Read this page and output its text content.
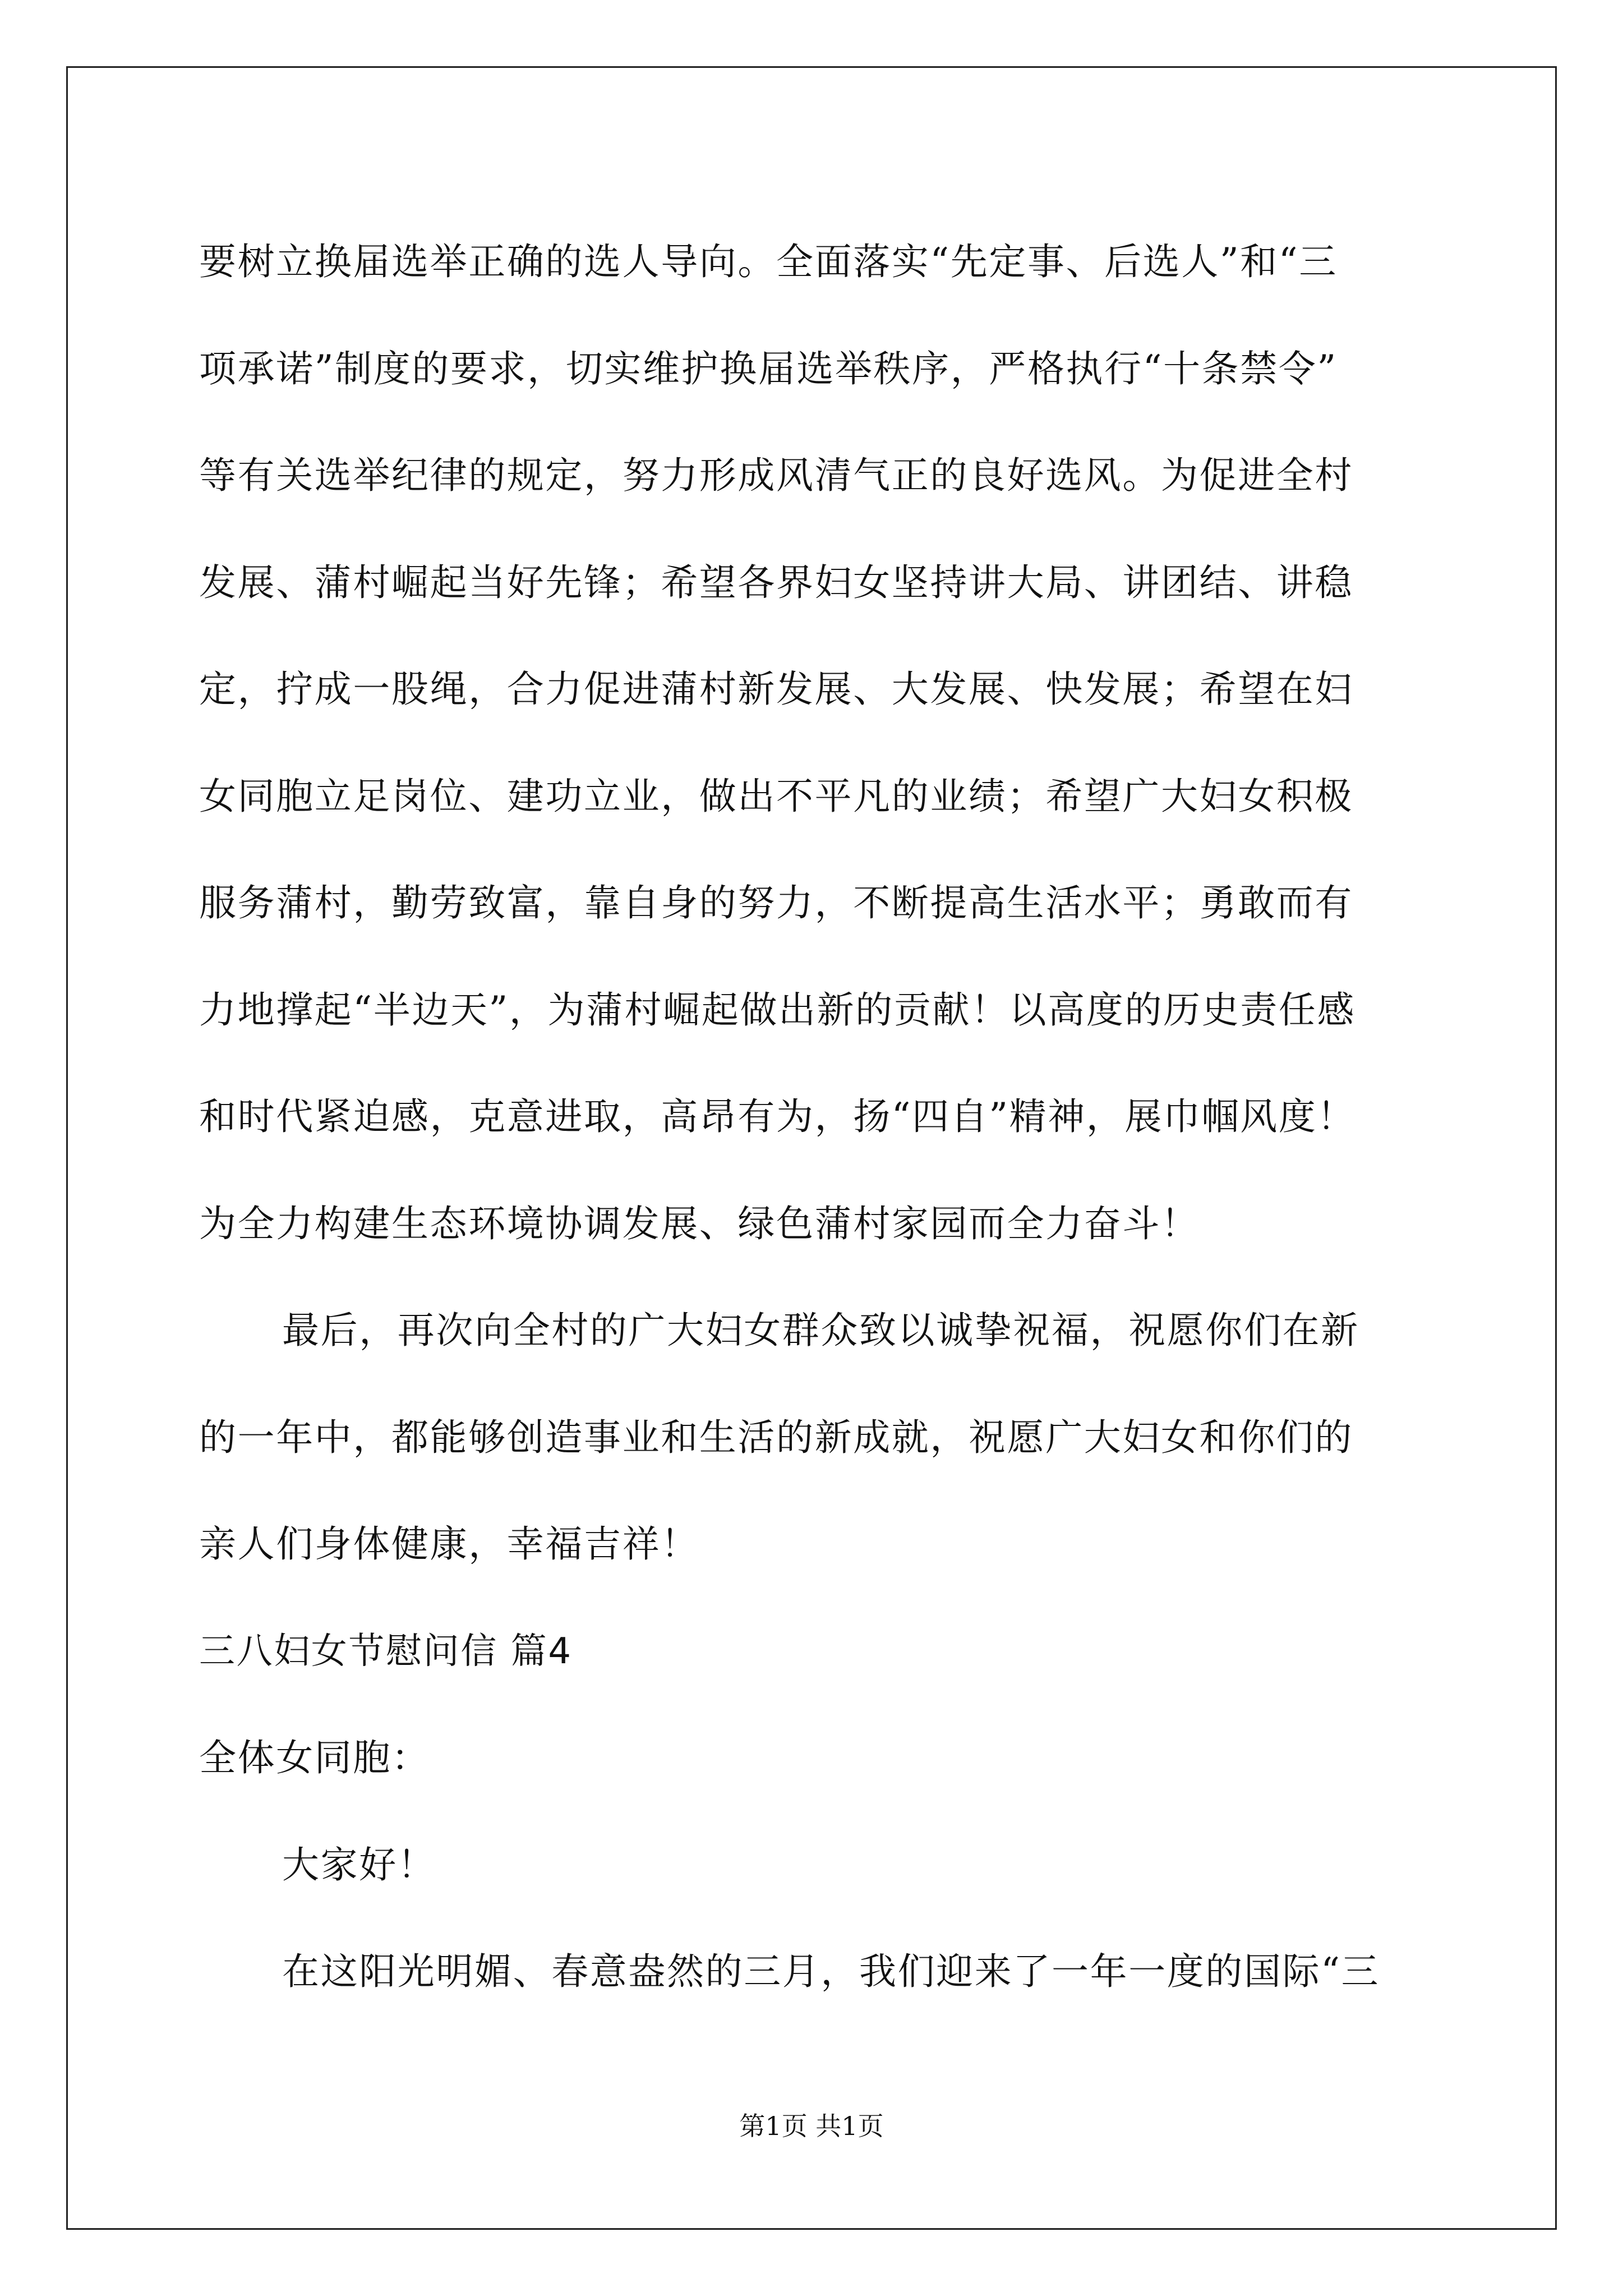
要树立换届选举正确的选人导向。全面落实“先定事、后选人”和“三
项承诺”制度的要求，切实维护换届选举秩序，严格执行“十条禁令”
等有关选举纪律的规定，努力形成风清气正的良好选风。为促进全村
发展、蒲村崛起当好先锋；希望各界妇女坚持讲大局、讲团结、讲稳
定，拧成一股绳，合力促进蒲村新发展、大发展、快发展；希望在妇
女同胞立足岗位、建功立业，做出不平凡的业绩；希望广大妇女积极
服务蒲村，勤劳致富，靠自身的努力，不断提高生活水平；勇敢而有
力地撑起“半边天”，为蒲村崛起做出新的贡献！以高度的历史责任感
和时代紧迫感，克意进取，高昂有为，扬“四自”精神，展巾帼风度！
为全力构建生态环境协调发展、绿色蒲村家园而全力奋斗！
最后，再次向全村的广大妇女群众致以诚挚祝福，祝愿你们在新
的一年中，都能够创造事业和生活的新成就，祝愿广大妇女和你们的
亲人们身体健康，幸福吉祥！
三八妇女节慰问信 篇4
全体女同胞：
大家好！
在这阳光明媚、春意盎然的三月，我们迎来了一年一度的国际“三
第1页 共1页
